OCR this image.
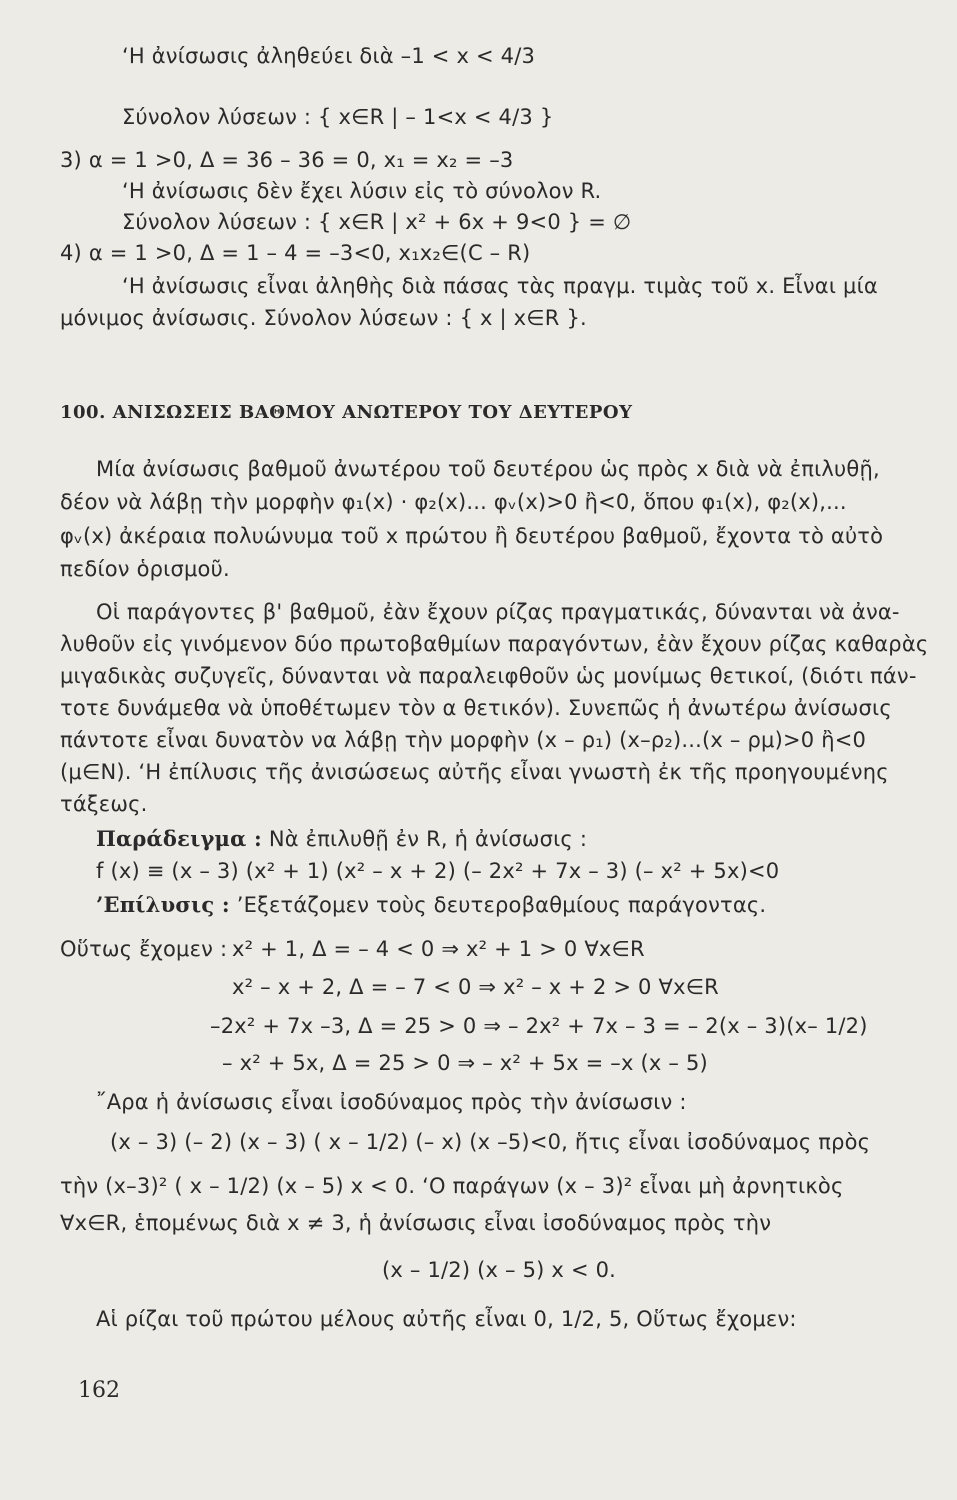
‘Η ἀνίσωσις ἀληθεύει διὰ –1 < x < 4/3
Σύνολον λύσεων : { x∈R | – 1<x < 4/3 }
3) α = 1 >0, Δ = 36 – 36 = 0, x₁ = x₂ = –3
‘Η ἀνίσωσις δὲν ἔχει λύσιν εἰς τὸ σύνολον R.
Σύνολον λύσεων : { x∈R | x² + 6x + 9<0 } = ∅
4) α = 1 >0, Δ = 1 – 4 = –3<0, x₁x₂∈(C – R)
‘Η ἀνίσωσις εἶναι ἀληθὴς διὰ πάσας τὰς πραγμ. τιμὰς τοῦ x. Εἶναι μία
μόνιμος ἀνίσωσις. Σύνολον λύσεων : { x | x∈R }.
100. ΑΝΙΣΩΣΕΙΣ ΒΑΘΜΟΥ ΑΝΩΤΕΡΟΥ ΤΟΥ ΔΕΥΤΕΡΟΥ
Μία ἀνίσωσις βαθμοῦ ἀνωτέρου τοῦ δευτέρου ὡς πρὸς x διὰ νὰ ἐπιλυθῇ,
δέον νὰ λάβῃ τὴν μορφὴν φ₁(x) · φ₂(x)... φᵥ(x)>0 ἢ<0, ὅπου φ₁(x), φ₂(x),...
φᵥ(x) ἀκέραια πολυώνυμα τοῦ x πρώτου ἢ δευτέρου βαθμοῦ, ἔχοντα τὸ αὐτὸ
πεδίον ὁρισμοῦ.
Οἱ παράγοντες β' βαθμοῦ, ἐὰν ἔχουν ρίζας πραγματικάς, δύνανται νὰ ἀνα-
λυθοῦν εἰς γινόμενον δύο πρωτοβαθμίων παραγόντων, ἐὰν ἔχουν ρίζας καθαρὰς
μιγαδικὰς συζυγεῖς, δύνανται νὰ παραλειφθοῦν ὡς μονίμως θετικοί, (διότι πάν-
τοτε δυνάμεθα νὰ ὑποθέτωμεν τὸν α θετικόν). Συνεπῶς ἡ ἀνωτέρω ἀνίσωσις
πάντοτε εἶναι δυνατὸν να λάβῃ τὴν μορφὴν (x – ρ₁) (x–ρ₂)...(x – ρμ)>0 ἢ<0
(μ∈N). ‘Η ἐπίλυσις τῆς ἀνισώσεως αὐτῆς εἶναι γνωστὴ ἐκ τῆς προηγουμένης
τάξεως.
Παράδειγμα : Νὰ ἐπιλυθῇ ἐν R, ἡ ἀνίσωσις :
f (x) ≡ (x – 3) (x² + 1) (x² – x + 2) (– 2x² + 7x – 3) (– x² + 5x)<0
’Επίλυσις : ’Εξετάζομεν τοὺς δευτεροβαθμίους παράγοντας.
Οὕτως ἔχομεν : x² + 1, Δ = – 4 < 0 ⇒ x² + 1 > 0 ∀x∈R
x² – x + 2, Δ = – 7 < 0 ⇒ x² – x + 2 > 0 ∀x∈R
–2x² + 7x –3, Δ = 25 > 0 ⇒ – 2x² + 7x – 3 = – 2(x – 3)(x– 1/2)
– x² + 5x, Δ = 25 > 0 ⇒ – x² + 5x = –x (x – 5)
῎Αρα ἡ ἀνίσωσις εἶναι ἰσοδύναμος πρὸς τὴν ἀνίσωσιν :
(x – 3) (– 2) (x – 3) ( x – 1/2) (– x) (x –5)<0, ἥτις εἶναι ἰσοδύναμος πρὸς
τὴν (x–3)² ( x – 1/2) (x – 5) x < 0. ‘Ο παράγων (x – 3)² εἶναι μὴ ἀρνητικὸς
∀x∈R, ἑπομένως διὰ x ≠ 3, ἡ ἀνίσωσις εἶναι ἰσοδύναμος πρὸς τὴν
(x – 1/2) (x – 5) x < 0.
Αἱ ρίζαι τοῦ πρώτου μέλους αὐτῆς εἶναι 0, 1/2, 5, Οὕτως ἔχομεν:
162
